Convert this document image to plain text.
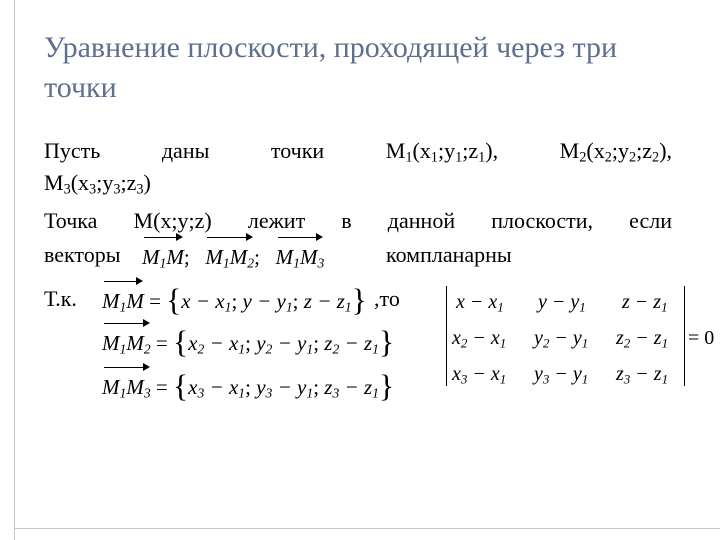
Уравнение плоскости, проходящей через три точки
Пусть	даны	точки	$M_1(x_1;y_1;z_1)$,	$M_2(x_2;y_2;z_2)$,
$M_3(x_3;y_3;z_3)$
Точка M(x;y;z) лежит в данной плоскости, если
векторы $M_1M$; $M_1M_2$; $M_1M_3$	компланарны
Т.к. $M_1M = \{x - x_1$; $y - y_1$; $z - z_1$} ,то
$M_1M_2 = \{x_2 - x_1$; $y_2 - y_1$; $z_2 - z_1$}
$M_1M_3 = \{x_3 - x_1$; $y_3 - y_1$; $z_3 - z_1$}
$x - x_1$ $y - y_1$ $z - z_1$
$x_2 - x_1$ $y_2 - y_1$ $z_2 - z_1$
$x_3 - x_1$ $y_3 - y_1$ $z_3 - z_1$
= 0
